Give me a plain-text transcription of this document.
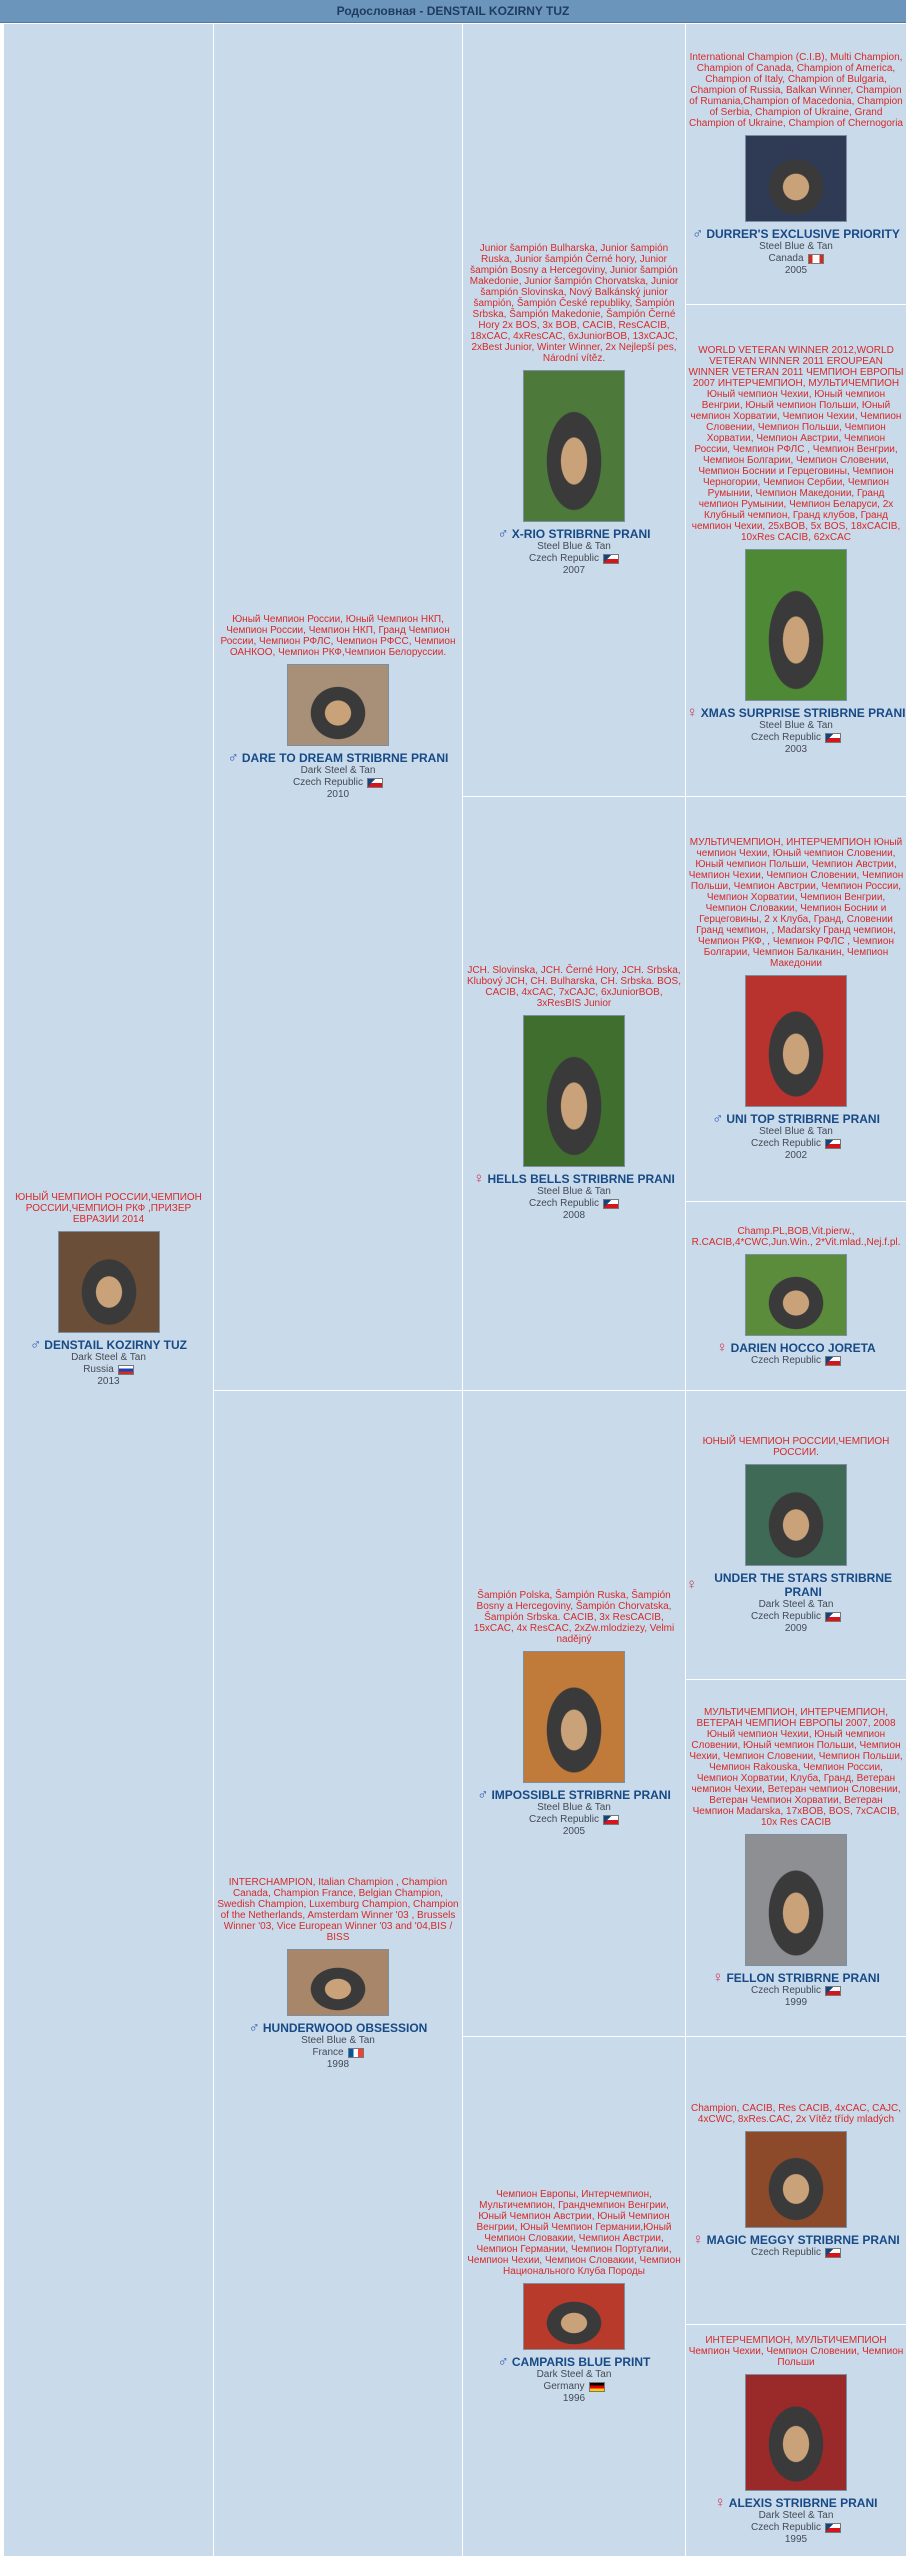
Родословная - DENSTAIL KOZIRNY TUZ
ЮНЫЙ ЧЕМПИОН РОССИИ,ЧЕМПИОН РОССИИ,ЧЕМПИОН РКФ ,ПРИЗЕР ЕВРАЗИИ 2014
♂ DENSTAIL KOZIRNY TUZ
Dark Steel & Tan
Russia
2013
Юный Чемпион России, Юный Чемпион НКП, Чемпион России, Чемпион НКП, Гранд Чемпион России, Чемпион РФЛС, Чемпион РФСС, Чемпион ОАНКОО, Чемпион РКФ,Чемпион Белоруссии.
♂ DARE TO DREAM STRIBRNE PRANI
Dark Steel & Tan
Czech Republic
2010
Junior šampión Bulharska, Junior šampión Ruska, Junior šampión Černé hory, Junior šampión Bosny a Hercegoviny, Junior šampión Makedonie, Junior šampión Chorvatska, Junior šampión Slovinska, Nový Balkánský junior šampión, Šampión České republiky, Šampión Srbska, Šampión Makedonie, Šampión Černé Hory 2x BOS, 3x BOB, CACIB, ResCACIB, 18xCAC, 4xResCAC, 6xJuniorBOB, 13xCAJC, 2xBest Junior, Winter Winner, 2x Nejlepší pes, Národní vítěz.
♂ X-RIO STRIBRNE PRANI
Steel Blue & Tan
Czech Republic
2007
International Champion (C.I.B), Multi Champion, Champion of Canada, Champion of America, Champion of Italy, Champion of Bulgaria, Champion of Russia, Balkan Winner, Champion of Rumania,Champion of Macedonia, Champion of Serbia, Champion of Ukraine, Grand Champion of Ukraine, Champion of Chernogoria
♂ DURRER'S EXCLUSIVE PRIORITY
Steel Blue & Tan
Canada
2005
WORLD VETERAN WINNER 2012,WORLD VETERAN WINNER 2011 EROUPEAN WINNER VETERAN 2011 ЧЕМПИОН ЕВРОПЫ 2007 ИНТЕРЧЕМПИОН, МУЛЬТИЧЕМПИОН Юный чемпион Чехии, Юный чемпион Венгрии, Юный чемпион Польши, Юный чемпион Хорватии, Чемпион Чехии, Чемпион Словении, Чемпион Польши, Чемпион Хорватии, Чемпион Австрии, Чемпион России, Чемпион РФЛС , Чемпион Венгрии, Чемпион Болгарии, Чемпион Словении, Чемпион Боснии и Герцеговины, Чемпион Черногории, Чемпион Сербии, Чемпион Румынии, Чемпион Македонии, Гранд чемпион Румынии, Чемпион Беларуси, 2x Клубный чемпион, Гранд клубов, Гранд чемпион Чехии, 25xBOB, 5x BOS, 18xCACIB, 10xRes CACIB, 62xCAC
♀ XMAS SURPRISE STRIBRNE PRANI
Steel Blue & Tan
Czech Republic
2003
JCH. Slovinska, JCH. Černé Hory, JCH. Srbska, Klubový JCH, CH. Bulharska, CH. Srbska. BOS, CACIB, 4xCAC, 7xCAJC, 6xJuniorBOB, 3xResBIS Junior
♀ HELLS BELLS STRIBRNE PRANI
Steel Blue & Tan
Czech Republic
2008
МУЛЬТИЧЕМПИОН, ИНТЕРЧЕМПИОН Юный чемпион Чехии, Юный чемпион Словении, Юный чемпион Польши, Чемпион Австрии, Чемпион Чехии, Чемпион Словении, Чемпион Польши, Чемпион Австрии, Чемпион России, Чемпион Хорватии, Чемпион Венгрии, Чемпион Словакии, Чемпион Боснии и Герцеговины, 2 х Клуба, Гранд, Словении Гранд чемпион, , Мadarsky Гранд чемпион, Чемпион РКФ, , Чемпион РФЛС , Чемпион Болгарии, Чемпион Балканин, Чемпион Македонии
♂ UNI TOP STRIBRNE PRANI
Steel Blue & Tan
Czech Republic
2002
Champ.PL,BOB,Vit.pierw., R.CACIB,4*CWC,Jun.Win., 2*Vit.mlad.,Nej.f.pl.
♀ DARIEN HOCCO JORETA
Czech Republic
INTERCHAMPION, Italian Champion , Champion Canada, Champion France, Belgian Champion, Swedish Champion, Luxemburg Champion, Champion of the Netherlands, Amsterdam Winner '03 , Brussels Winner '03, Vice European Winner '03 and '04,BIS / BISS
♂ HUNDERWOOD OBSESSION
Steel Blue & Tan
France
1998
Šampión Polska, Šampión Ruska, Šampión Bosny a Hercegoviny, Šampión Chorvatska, Šampión Srbska. CACIB, 3x ResCACIB, 15xCAC, 4x ResCAC, 2xZw.mlodziezy, Velmi nadějný
♂ IMPOSSIBLE STRIBRNE PRANI
Steel Blue & Tan
Czech Republic
2005
ЮНЫЙ ЧЕМПИОН РОССИИ,ЧЕМПИОН РОССИИ.
♀	UNDER THE STARS STRIBRNE PRANI
Dark Steel & Tan
Czech Republic
2009
МУЛЬТИЧЕМПИОН, ИНТЕРЧЕМПИОН, ВЕТЕРАН ЧЕМПИОН ЕВРОПЫ 2007, 2008 Юный чемпион Чехии, Юный чемпион Словении, Юный чемпион Польши, Чемпион Чехии, Чемпион Словении, Чемпион Польши, Чемпион Rakouska, Чемпион России, Чемпион Хорватии, Клуба, Гранд, Ветеран чемпион Чехии, Ветеран чемпион Словении, Ветеран Чемпион Хорватии, Ветеран Чемпион Мadarska, 17xBOB, BOS, 7xCACIB, 10x Res CACIB
♀ FELLON STRIBRNE PRANI
Czech Republic
1999
Чемпион Европы, Интерчемпион, Мультичемпион, Грандчемпион Венгрии, Юный Чемпион Австрии, Юный Чемпион Венгрии, Юный Чемпион Германии,Юный Чемпион Словакии, Чемпион Австрии, Чемпион Германии, Чемпион Португалии, Чемпион Чехии, Чемпион Словакии, Чемпион Национального Клуба Породы
♂ CAMPARIS BLUE PRINT
Dark Steel & Tan
Germany
1996
Champion, CACIB, Res CACIB, 4xCAC, CAJC, 4xCWC, 8xRes.CAC, 2x Vítěz třídy mladých
♀ MAGIC MEGGY STRIBRNE PRANI
Czech Republic
ИНТЕРЧЕМПИОН, МУЛЬТИЧЕМПИОН Чемпион Чехии, Чемпион Словении, Чемпион Польши
♀ ALEXIS STRIBRNE PRANI
Dark Steel & Tan
Czech Republic
1995
